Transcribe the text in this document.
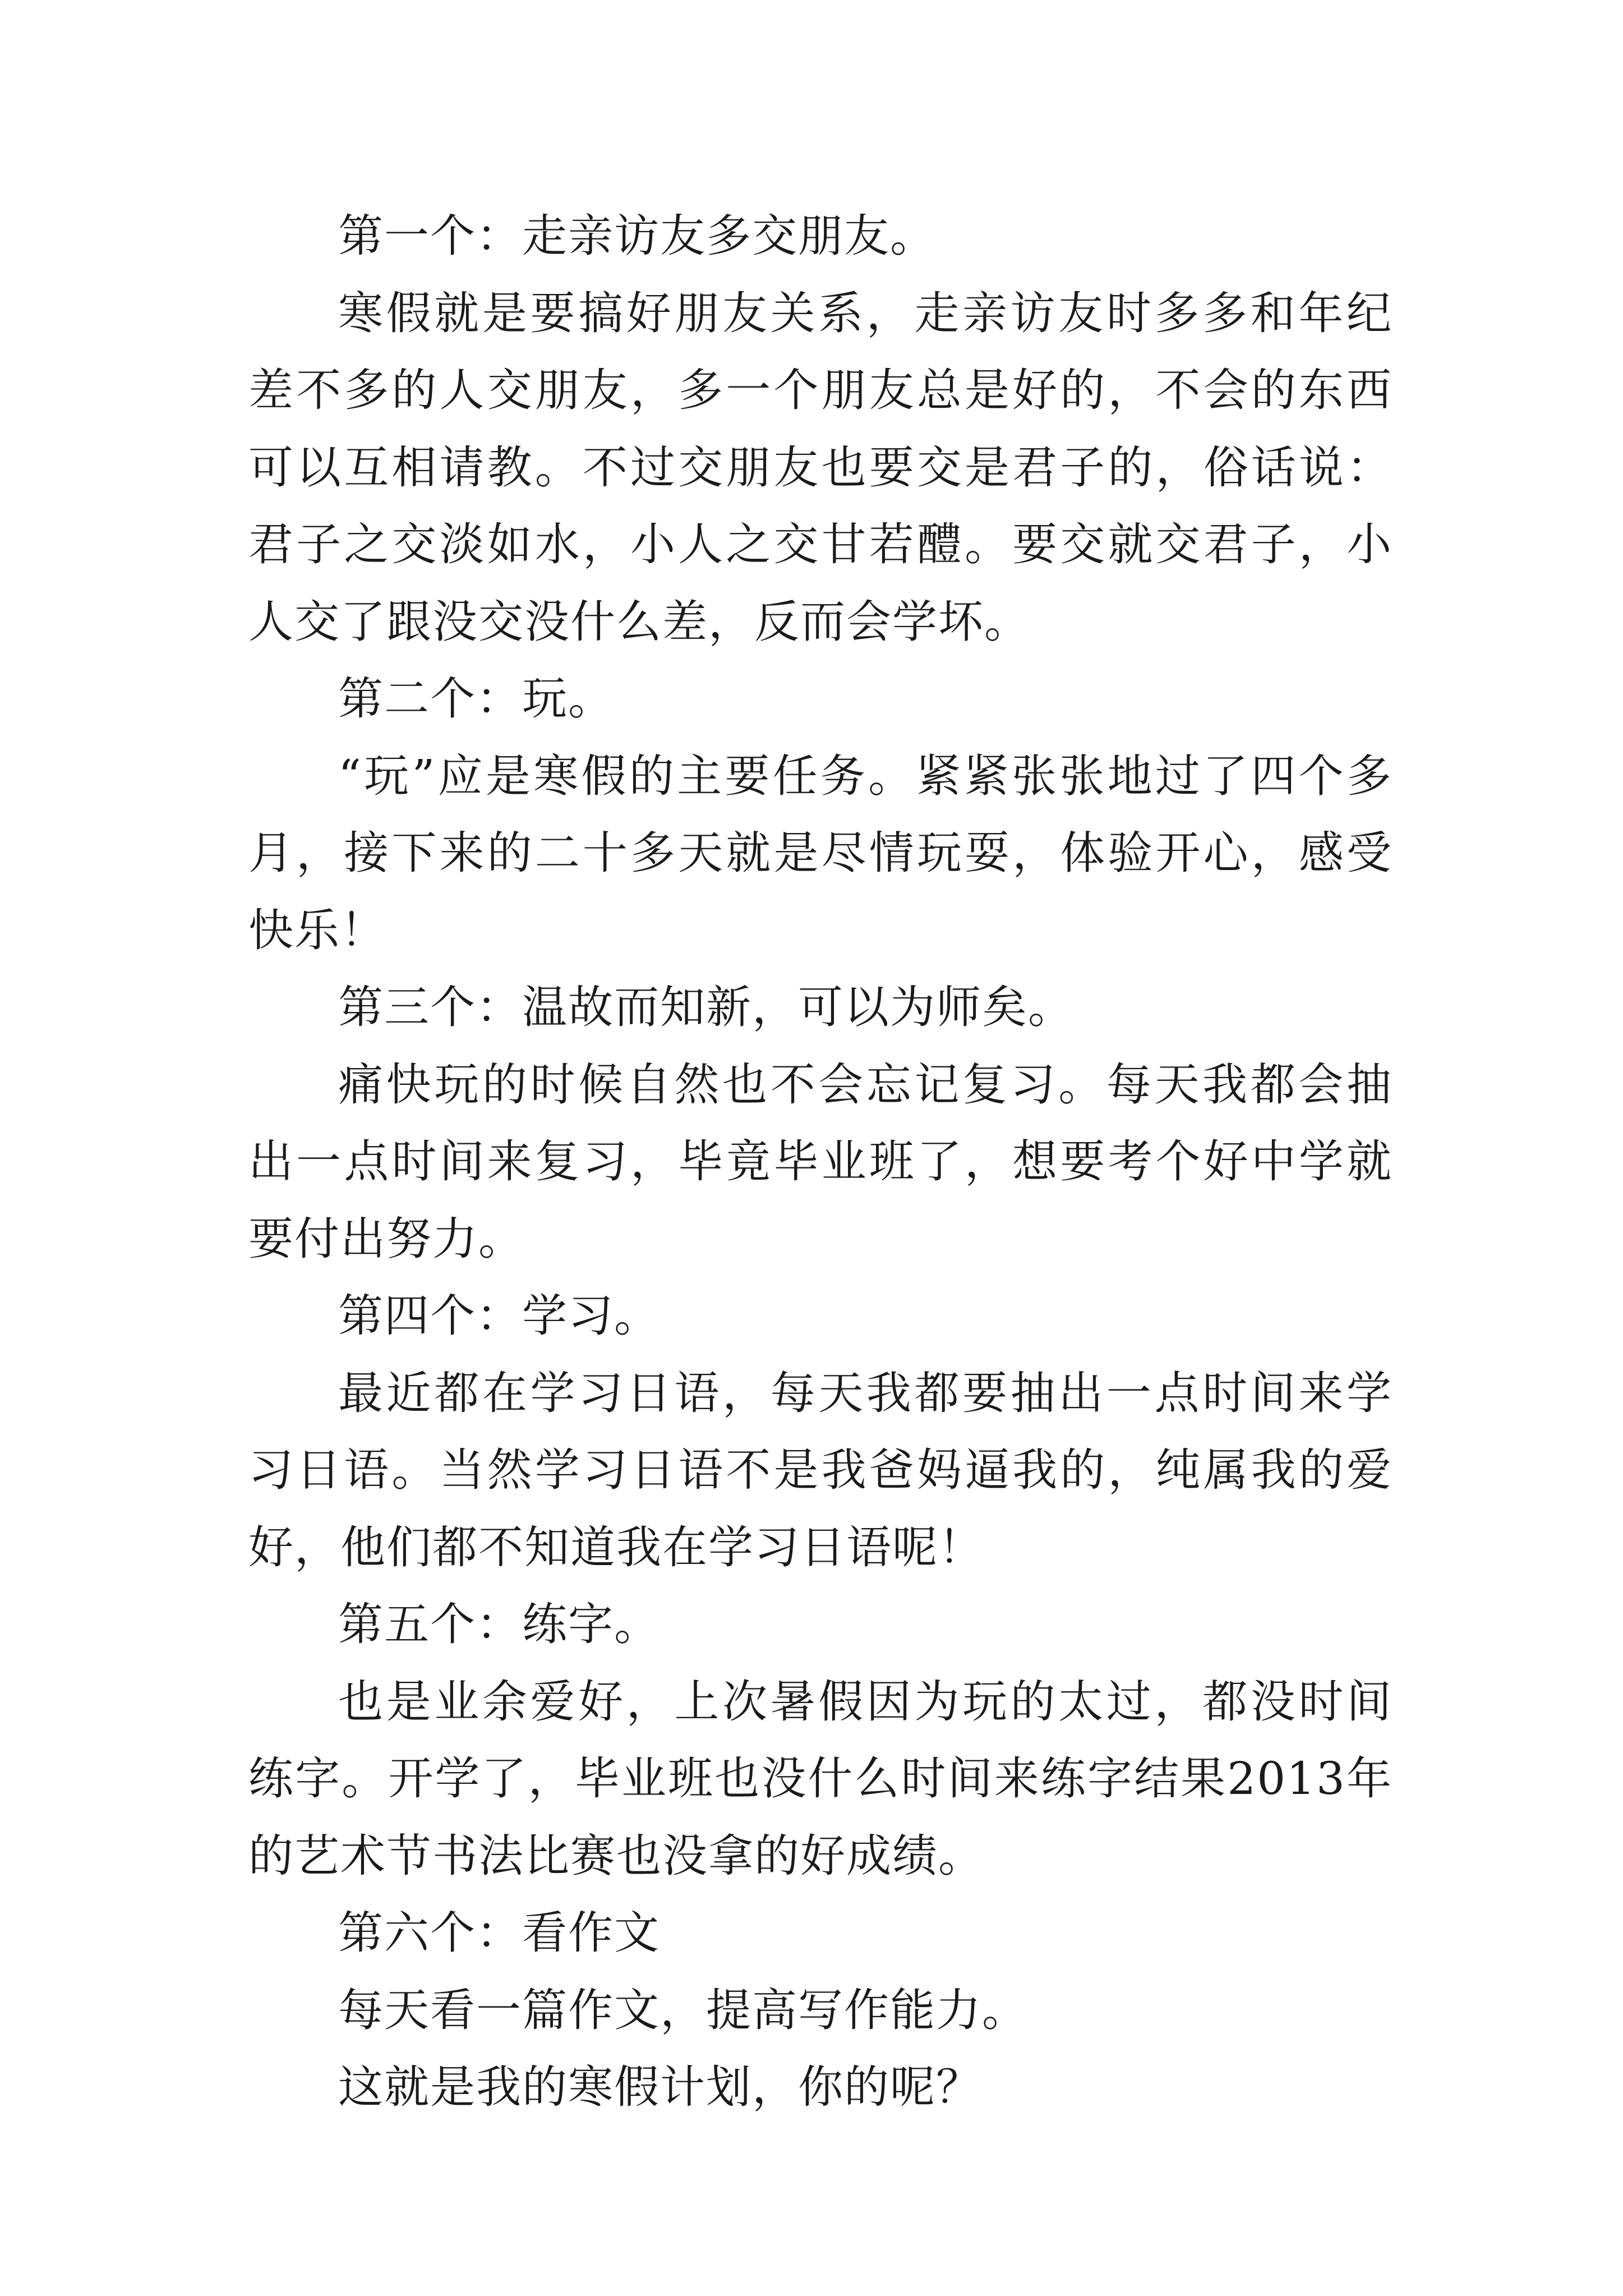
第一个：走亲访友多交朋友。

寒假就是要搞好朋友关系，走亲访友时多多和年纪差不多的人交朋友，多一个朋友总是好的，不会的东西可以互相请教。不过交朋友也要交是君子的，俗话说：君子之交淡如水，小人之交甘若醴。要交就交君子，小人交了跟没交没什么差，反而会学坏。

第二个：玩。

“玩”应是寒假的主要任务。紧紧张张地过了四个多月，接下来的二十多天就是尽情玩耍，体验开心，感受快乐！

第三个：温故而知新，可以为师矣。

痛快玩的时候自然也不会忘记复习。每天我都会抽出一点时间来复习，毕竟毕业班了，想要考个好中学就要付出努力。

第四个：学习。

最近都在学习日语，每天我都要抽出一点时间来学习日语。当然学习日语不是我爸妈逼我的，纯属我的爱好，他们都不知道我在学习日语呢！

第五个：练字。

也是业余爱好，上次暑假因为玩的太过，都没时间练字。开学了，毕业班也没什么时间来练字结果2013年的艺术节书法比赛也没拿的好成绩。

第六个：看作文

每天看一篇作文，提高写作能力。

这就是我的寒假计划，你的呢？
